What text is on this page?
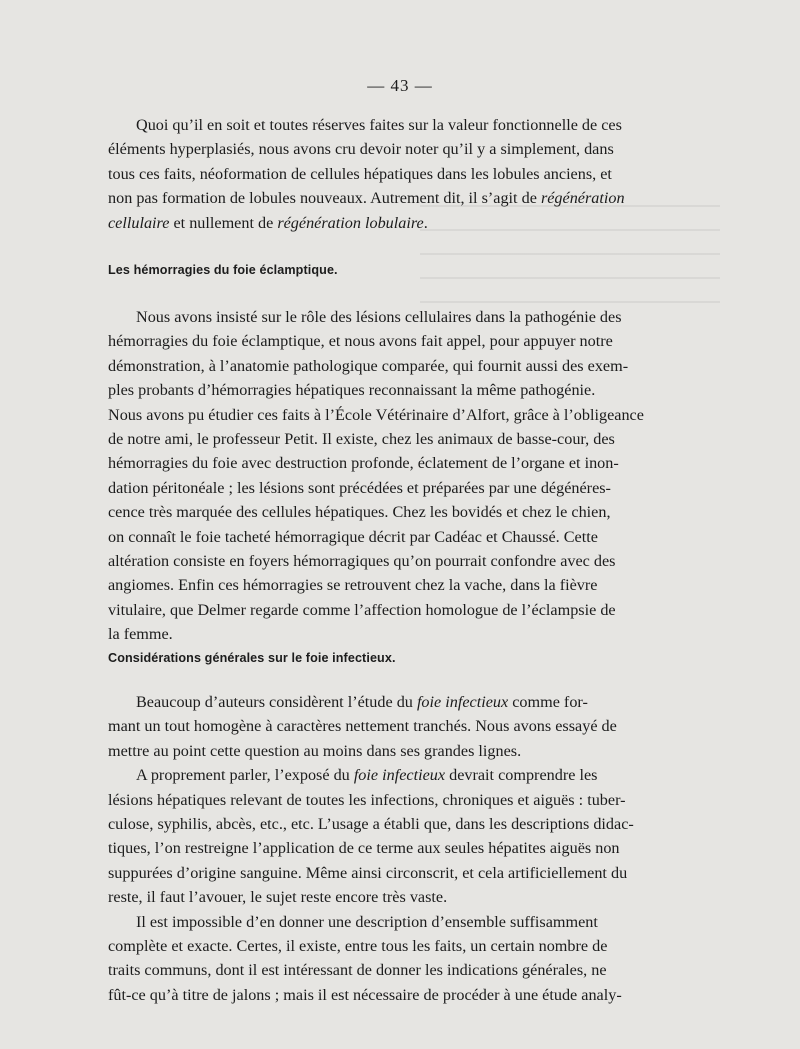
— 43 —

Quoi qu’il en soit et toutes réserves faites sur la valeur fonctionnelle de ces

éléments hyperplasiés, nous avons cru devoir noter qu’il y a simplement, dans

tous ces faits, néoformation de cellules hépatiques dans les lobules anciens, et

non pas formation de lobules nouveaux. Autrement dit, il s’agit de régénération

cellulaire et nullement de régénération lobulaire.

Les hémorragies du foie éclamptique.

Nous avons insisté sur le rôle des lésions cellulaires dans la pathogénie des

hémorragies du foie éclamptique, et nous avons fait appel, pour appuyer notre

démonstration, à l’anatomie pathologique comparée, qui fournit aussi des exem-

ples probants d’hémorragies hépatiques reconnaissant la même pathogénie.

Nous avons pu étudier ces faits à l’École Vétérinaire d’Alfort, grâce à l’obligeance

de notre ami, le professeur Petit. Il existe, chez les animaux de basse-cour, des

hémorragies du foie avec destruction profonde, éclatement de l’organe et inon-

dation péritonéale ; les lésions sont précédées et préparées par une dégénéres-

cence très marquée des cellules hépatiques. Chez les bovidés et chez le chien,

on connaît le foie tacheté hémorragique décrit par Cadéac et Chaussé. Cette

altération consiste en foyers hémorragiques qu’on pourrait confondre avec des

angiomes. Enfin ces hémorragies se retrouvent chez la vache, dans la fièvre

vitulaire, que Delmer regarde comme l’affection homologue de l’éclampsie de

la femme.

Considérations générales sur le foie infectieux.

Beaucoup d’auteurs considèrent l’étude du foie infectieux comme for-

mant un tout homogène à caractères nettement tranchés. Nous avons essayé de

mettre au point cette question au moins dans ses grandes lignes.

A proprement parler, l’exposé du foie infectieux devrait comprendre les

lésions hépatiques relevant de toutes les infections, chroniques et aiguës : tuber-

culose, syphilis, abcès, etc., etc. L’usage a établi que, dans les descriptions didac-

tiques, l’on restreigne l’application de ce terme aux seules hépatites aiguës non

suppurées d’origine sanguine. Même ainsi circonscrit, et cela artificiellement du

reste, il faut l’avouer, le sujet reste encore très vaste.

Il est impossible d’en donner une description d’ensemble suffisamment

complète et exacte. Certes, il existe, entre tous les faits, un certain nombre de

traits communs, dont il est intéressant de donner les indications générales, ne

fût-ce qu’à titre de jalons ; mais il est nécessaire de procéder à une étude analy-
